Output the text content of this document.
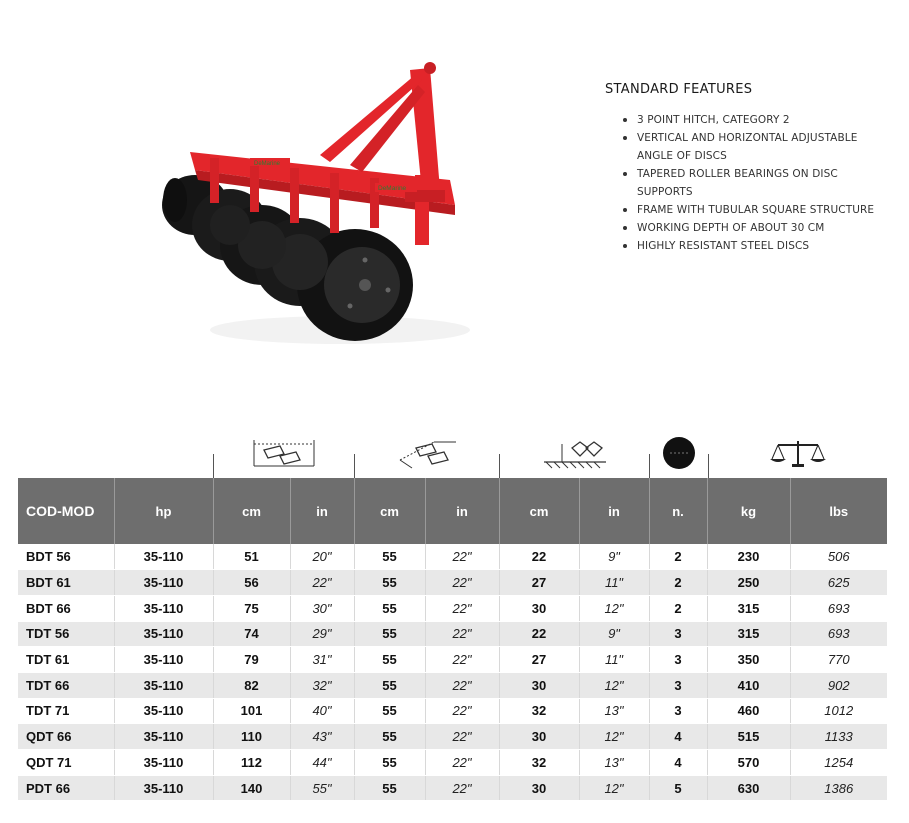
DeMarine
DeMarine
STANDARD FEATURES
3 POINT HITCH, CATEGORY 2
VERTICAL AND HORIZONTAL ADJUSTABLE ANGLE OF DISCS
TAPERED ROLLER BEARINGS ON DISC SUPPORTS
FRAME WITH TUBULAR SQUARE STRUCTURE
WORKING DEPTH OF ABOUT 30 CM
HIGHLY RESISTANT STEEL DISCS
COD-MOD	hp	cm	in	cm	in	cm	in	n.	kg	lbs
BDT 56	35-110	51	20"	55	22"	22	9"	2	230	506
BDT 61	35-110	56	22"	55	22"	27	11"	2	250	625
BDT 66	35-110	75	30"	55	22"	30	12"	2	315	693
TDT 56	35-110	74	29"	55	22"	22	9"	3	315	693
TDT 61	35-110	79	31"	55	22"	27	11"	3	350	770
TDT 66	35-110	82	32"	55	22"	30	12"	3	410	902
TDT 71	35-110	101	40"	55	22"	32	13"	3	460	1012
QDT 66	35-110	110	43"	55	22"	30	12"	4	515	1133
QDT 71	35-110	112	44"	55	22"	32	13"	4	570	1254
PDT 66	35-110	140	55"	55	22"	30	12"	5	630	1386
